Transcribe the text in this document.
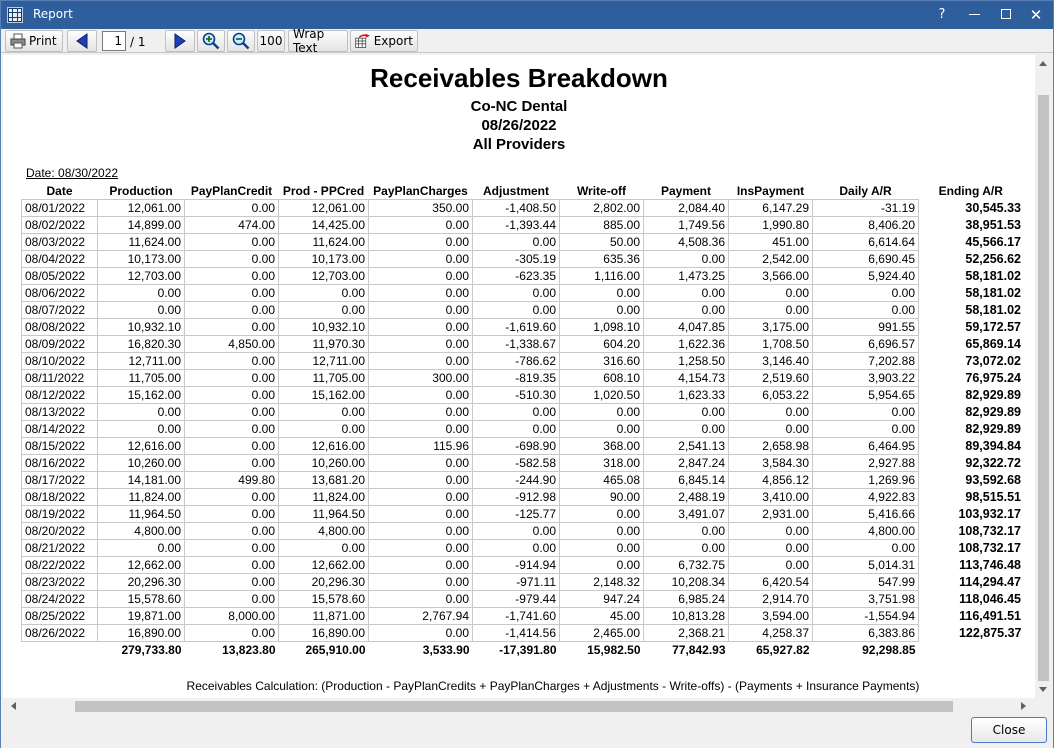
Report	?	✕
Print	1 / 1	100 Wrap Text	Export
Receivables Breakdown
Co-NC Dental
08/26/2022
All Providers
Date: 08/30/2022
Date	Production	PayPlanCredit	Prod - PPCred	PayPlanCharges	Adjustment	Write-off	Payment	InsPayment	Daily A/R	Ending A/R
08/01/2022	12,061.00	0.00	12,061.00	350.00	-1,408.50	2,802.00	2,084.40	6,147.29	-31.19	30,545.33
08/02/2022	14,899.00	474.00	14,425.00	0.00	-1,393.44	885.00	1,749.56	1,990.80	8,406.20	38,951.53
08/03/2022	11,624.00	0.00	11,624.00	0.00	0.00	50.00	4,508.36	451.00	6,614.64	45,566.17
08/04/2022	10,173.00	0.00	10,173.00	0.00	-305.19	635.36	0.00	2,542.00	6,690.45	52,256.62
08/05/2022	12,703.00	0.00	12,703.00	0.00	-623.35	1,116.00	1,473.25	3,566.00	5,924.40	58,181.02
08/06/2022	0.00	0.00	0.00	0.00	0.00	0.00	0.00	0.00	0.00	58,181.02
08/07/2022	0.00	0.00	0.00	0.00	0.00	0.00	0.00	0.00	0.00	58,181.02
08/08/2022	10,932.10	0.00	10,932.10	0.00	-1,619.60	1,098.10	4,047.85	3,175.00	991.55	59,172.57
08/09/2022	16,820.30	4,850.00	11,970.30	0.00	-1,338.67	604.20	1,622.36	1,708.50	6,696.57	65,869.14
08/10/2022	12,711.00	0.00	12,711.00	0.00	-786.62	316.60	1,258.50	3,146.40	7,202.88	73,072.02
08/11/2022	11,705.00	0.00	11,705.00	300.00	-819.35	608.10	4,154.73	2,519.60	3,903.22	76,975.24
08/12/2022	15,162.00	0.00	15,162.00	0.00	-510.30	1,020.50	1,623.33	6,053.22	5,954.65	82,929.89
08/13/2022	0.00	0.00	0.00	0.00	0.00	0.00	0.00	0.00	0.00	82,929.89
08/14/2022	0.00	0.00	0.00	0.00	0.00	0.00	0.00	0.00	0.00	82,929.89
08/15/2022	12,616.00	0.00	12,616.00	115.96	-698.90	368.00	2,541.13	2,658.98	6,464.95	89,394.84
08/16/2022	10,260.00	0.00	10,260.00	0.00	-582.58	318.00	2,847.24	3,584.30	2,927.88	92,322.72
08/17/2022	14,181.00	499.80	13,681.20	0.00	-244.90	465.08	6,845.14	4,856.12	1,269.96	93,592.68
08/18/2022	11,824.00	0.00	11,824.00	0.00	-912.98	90.00	2,488.19	3,410.00	4,922.83	98,515.51
08/19/2022	11,964.50	0.00	11,964.50	0.00	-125.77	0.00	3,491.07	2,931.00	5,416.66	103,932.17
08/20/2022	4,800.00	0.00	4,800.00	0.00	0.00	0.00	0.00	0.00	4,800.00	108,732.17
08/21/2022	0.00	0.00	0.00	0.00	0.00	0.00	0.00	0.00	0.00	108,732.17
08/22/2022	12,662.00	0.00	12,662.00	0.00	-914.94	0.00	6,732.75	0.00	5,014.31	113,746.48
08/23/2022	20,296.30	0.00	20,296.30	0.00	-971.11	2,148.32	10,208.34	6,420.54	547.99	114,294.47
08/24/2022	15,578.60	0.00	15,578.60	0.00	-979.44	947.24	6,985.24	2,914.70	3,751.98	118,046.45
08/25/2022	19,871.00	8,000.00	11,871.00	2,767.94	-1,741.60	45.00	10,813.28	3,594.00	-1,554.94	116,491.51
08/26/2022	16,890.00	0.00	16,890.00	0.00	-1,414.56	2,465.00	2,368.21	4,258.37	6,383.86	122,875.37
	279,733.80	13,823.80	265,910.00	3,533.90	-17,391.80	15,982.50	77,842.93	65,927.82	92,298.85	
Receivables Calculation: (Production - PayPlanCredits + PayPlanCharges + Adjustments - Write-offs) - (Payments + Insurance Payments)
Close
